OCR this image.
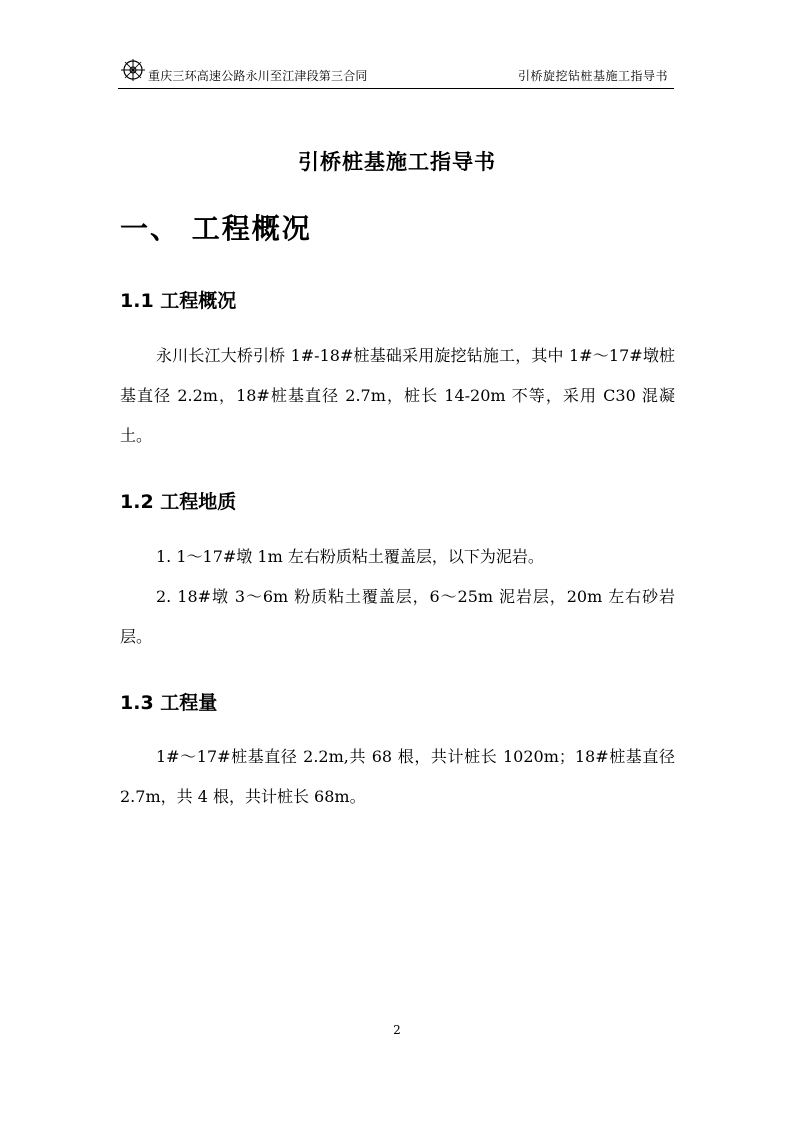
重庆三环高速公路永川至江津段第三合同	引桥旋挖钻桩基施工指导书
引桥桩基施工指导书
一、 工程概况
1.1 工程概况

永川长江大桥引桥 1#-18#桩基础采用旋挖钻施工，其中 1#～17#墩桩基直径 2.2m，18#桩基直径 2.7m，桩长 14-20m 不等，采用 C30 混凝土。

1.2 工程地质

1. 1～17#墩 1m 左右粉质粘土覆盖层，以下为泥岩。

2. 18#墩 3～6m 粉质粘土覆盖层，6～25m 泥岩层，20m 左右砂岩层。

1.3 工程量

1#～17#桩基直径 2.2m,共 68 根，共计桩长 1020m；18#桩基直径 2.7m，共 4 根，共计桩长 68m。

2
